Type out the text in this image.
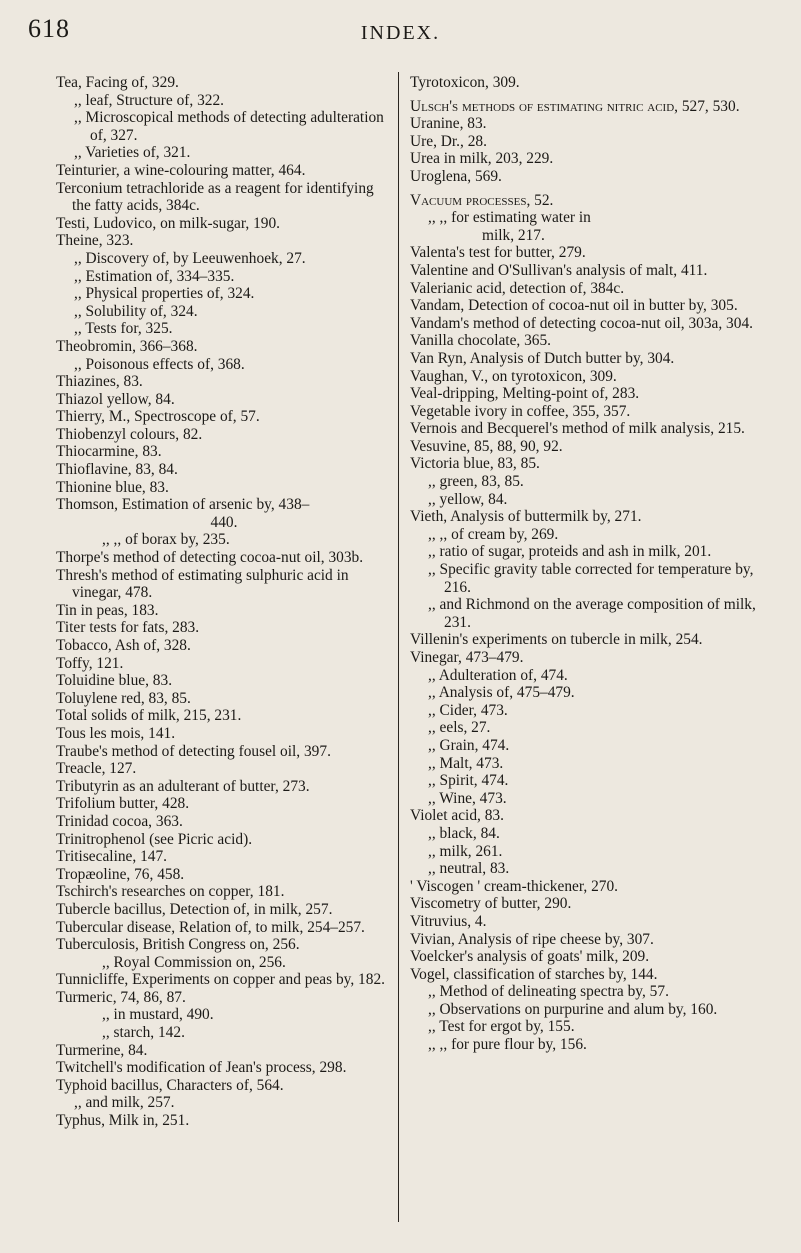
618	INDEX.
Tea, Facing of, 329.
,, leaf, Structure of, 322.
,, Microscopical methods of detecting adulteration of, 327.
,, Varieties of, 321.
Teinturier, a wine-colouring matter, 464.
Terconium tetrachloride as a reagent for identifying the fatty acids, 384c.
Testi, Ludovico, on milk-sugar, 190.
Theine, 323.
,, Discovery of, by Leeuwenhoek, 27.
,, Estimation of, 334–335.
,, Physical properties of, 324.
,, Solubility of, 324.
,, Tests for, 325.
Theobromin, 366–368.
,, Poisonous effects of, 368.
Thiazines, 83.
Thiazol yellow, 84.
Thierry, M., Spectroscope of, 57.
Thiobenzyl colours, 82.
Thiocarmine, 83.
Thioflavine, 83, 84.
Thionine blue, 83.
Thomson, Estimation of arsenic by, 438–
440.
,, ,, of borax by, 235.
Thorpe's method of detecting cocoa-nut oil, 303b.
Thresh's method of estimating sulphuric acid in vinegar, 478.
Tin in peas, 183.
Titer tests for fats, 283.
Tobacco, Ash of, 328.
Toffy, 121.
Toluidine blue, 83.
Toluylene red, 83, 85.
Total solids of milk, 215, 231.
Tous les mois, 141.
Traube's method of detecting fousel oil, 397.
Treacle, 127.
Tributyrin as an adulterant of butter, 273.
Trifolium butter, 428.
Trinidad cocoa, 363.
Trinitrophenol (see Picric acid).
Tritisecaline, 147.
Tropæoline, 76, 458.
Tschirch's researches on copper, 181.
Tubercle bacillus, Detection of, in milk, 257.
Tubercular disease, Relation of, to milk, 254–257.
Tuberculosis, British Congress on, 256.
,, Royal Commission on, 256.
Tunnicliffe, Experiments on copper and peas by, 182.
Turmeric, 74, 86, 87.
,, in mustard, 490.
,, starch, 142.
Turmerine, 84.
Twitchell's modification of Jean's process, 298.
Typhoid bacillus, Characters of, 564.
,, and milk, 257.
Typhus, Milk in, 251.
Tyrotoxicon, 309.
Ulsch's methods of estimating nitric acid, 527, 530.
Uranine, 83.
Ure, Dr., 28.
Urea in milk, 203, 229.
Uroglena, 569.
Vacuum processes, 52.
,, ,, for estimating water in
milk, 217.
Valenta's test for butter, 279.
Valentine and O'Sullivan's analysis of malt, 411.
Valerianic acid, detection of, 384c.
Vandam, Detection of cocoa-nut oil in butter by, 305.
Vandam's method of detecting cocoa-nut oil, 303a, 304.
Vanilla chocolate, 365.
Van Ryn, Analysis of Dutch butter by, 304.
Vaughan, V., on tyrotoxicon, 309.
Veal-dripping, Melting-point of, 283.
Vegetable ivory in coffee, 355, 357.
Vernois and Becquerel's method of milk analysis, 215.
Vesuvine, 85, 88, 90, 92.
Victoria blue, 83, 85.
,, green, 83, 85.
,, yellow, 84.
Vieth, Analysis of buttermilk by, 271.
,, ,, of cream by, 269.
,, ratio of sugar, proteids and ash in milk, 201.
,, Specific gravity table corrected for temperature by, 216.
,, and Richmond on the average composition of milk, 231.
Villenin's experiments on tubercle in milk, 254.
Vinegar, 473–479.
,, Adulteration of, 474.
,, Analysis of, 475–479.
,, Cider, 473.
,, eels, 27.
,, Grain, 474.
,, Malt, 473.
,, Spirit, 474.
,, Wine, 473.
Violet acid, 83.
,, black, 84.
,, milk, 261.
,, neutral, 83.
' Viscogen ' cream-thickener, 270.
Viscometry of butter, 290.
Vitruvius, 4.
Vivian, Analysis of ripe cheese by, 307.
Voelcker's analysis of goats' milk, 209.
Vogel, classification of starches by, 144.
,, Method of delineating spectra by, 57.
,, Observations on purpurine and alum by, 160.
,, Test for ergot by, 155.
,, ,, for pure flour by, 156.
